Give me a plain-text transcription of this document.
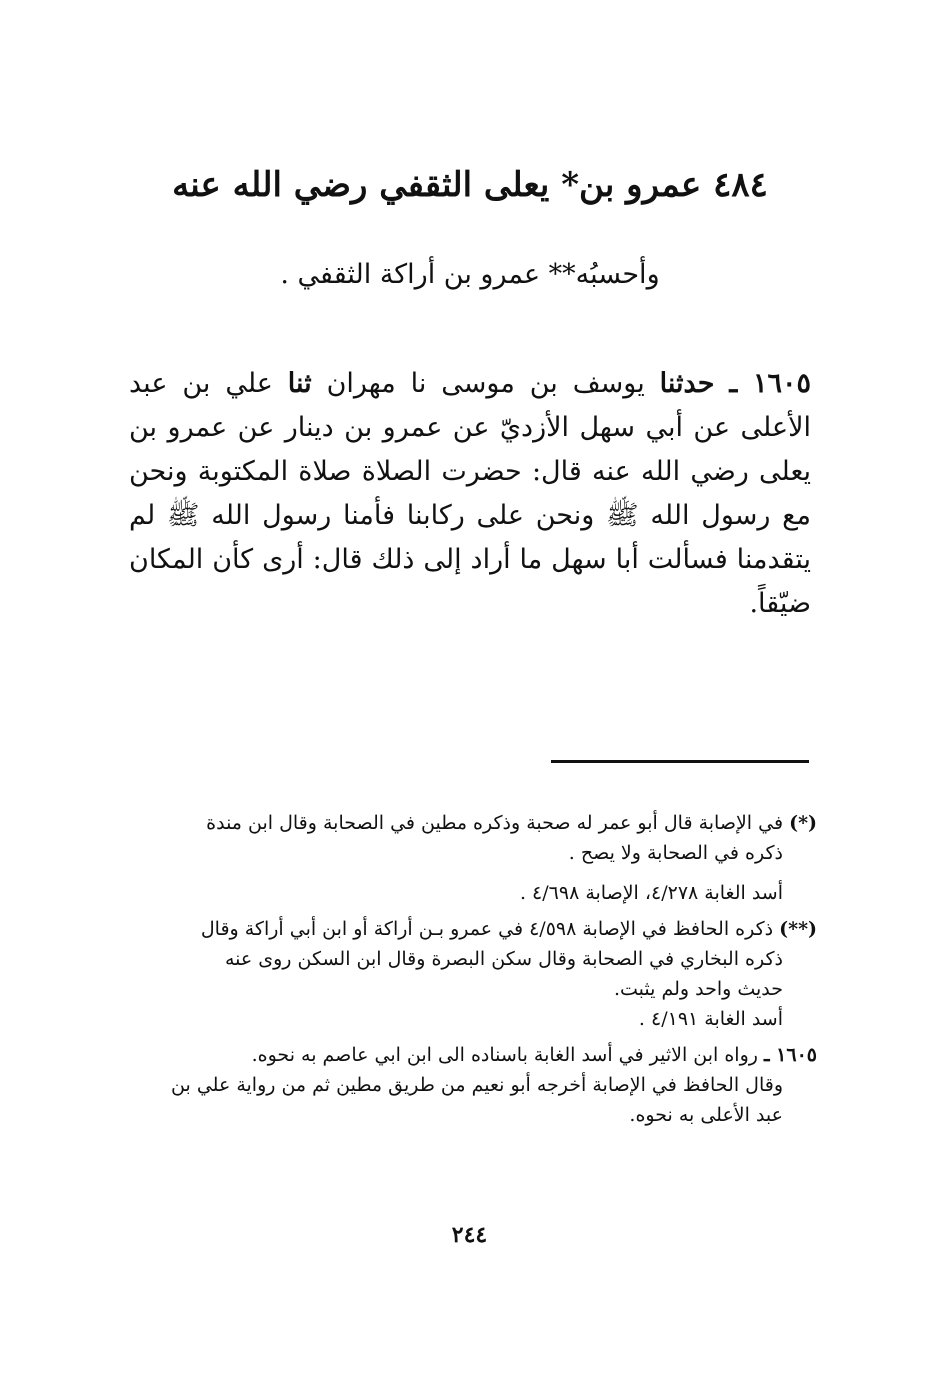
٤٨٤ عمرو بن* يعلى الثقفي رضي الله عنه

وأحسبُه** عمرو بن أراكة الثقفي .

١٦٠٥ ـ حدثنا يوسف بن موسى نا مهران ثنا علي بن عبد الأعلى عن أبي سهل الأزديّ عن عمرو بن دينار عن عمرو بن يعلى رضي الله عنه قال: حضرت الصلاة صلاة المكتوبة ونحن مع رسول الله ﷺ ونحن على ركابنا فأمنا رسول الله ﷺ لم يتقدمنا فسألت أبا سهل ما أراد إلى ذلك قال: أرى كأن المكان ضيّقاً.

(*) في الإصابة قال أبو عمر له صحبة وذكره مطين في الصحابة وقال ابن مندة
ذكره في الصحابة ولا يصح .

أسد الغابة ٤/٢٧٨، الإصابة ٤/٦٩٨ .

(**) ذكره الحافظ في الإصابة ٤/٥٩٨ في عمرو بـن أراكة أو ابن أبي أراكة وقال
ذكره البخاري في الصحابة وقال سكن البصرة وقال ابن السكن روى عنه
حديث واحد ولم يثبت.
أسد الغابة ٤/١٩١ .

١٦٠٥ ـ رواه ابن الاثير في أسد الغابة باسناده الى ابن ابي عاصم به نحوه.
وقال الحافظ في الإصابة أخرجه أبو نعيم من طريق مطين ثم من رواية علي بن
عبد الأعلى به نحوه.

٢٤٤
